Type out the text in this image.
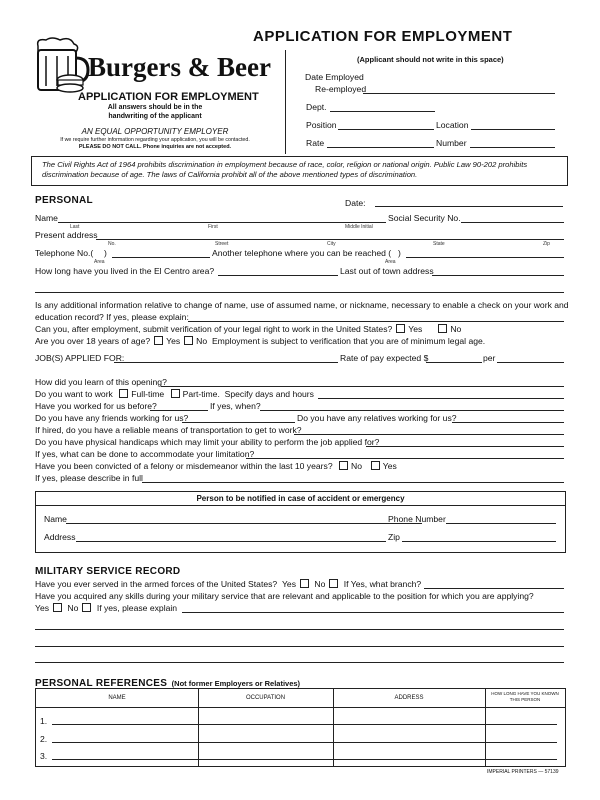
APPLICATION FOR EMPLOYMENT
Burgers & Beer
APPLICATION FOR EMPLOYMENT
All answers should be in the
handwriting of the applicant
AN EQUAL OPPORTUNITY EMPLOYER
If we require further information regarding your application, you will be contacted.
PLEASE DO NOT CALL. Phone inquiries are not accepted.
(Applicant should not write in this space)
Date Employed
Re-employed
Dept.
Position	Location
Rate	Number
The Civil Rights Act of 1964 prohibits discrimination in employment because of race, color, religion or national origin. Public Law 90-202 prohibits discrimination because of age. The laws of California prohibit all of the above mentioned types of discrimination.
PERSONAL	Date:
Name
Last	First	Middle Initial
Social Security No.
Present address
No.	Street	City	State	Zip
Telephone No.( )
Area
Another telephone where you can be reached ( )
Area
How long have you lived in the El Centro area?	Last out of town address
Is any additional information relative to change of name, use of assumed name, or nickname, necessary to enable a check on your work and
education record? If yes, please explain:
Can you, after employment, submit verification of your legal right to work in the United States? Yes	No
Are you over 18 years of age? Yes No Employment is subject to verification that you are of minimum legal age.
JOB(S) APPLIED FOR:	Rate of pay expected $	per
How did you learn of this opening?
Do you want to work Full-time Part-time. Specify days and hours
Have you worked for us before?	If yes, when?
Do you have any friends working for us?	Do you have any relatives working for us?
If hired, do you have a reliable means of transportation to get to work?
Do you have physical handicaps which may limit your ability to perform the job applied for?
If yes, what can be done to accommodate your limitation?
Have you been convicted of a felony or misdemeanor within the last 10 years? No Yes
If yes, please describe in full
Person to be notified in case of accident or emergency
Name	Phone Number
Address	Zip
MILITARY SERVICE RECORD
Have you ever served in the armed forces of the United States? Yes No If Yes, what branch?
Have you acquired any skills during your military service that are relevant and applicable to the position for which you are applying?
Yes No If yes, please explain
PERSONAL REFERENCES (Not former Employers or Relatives)
NAME	OCCUPATION	ADDRESS
HOW LONG HAVE YOU KNOWN THIS PERSON
1.
2.
3.
IMPERIAL PRINTERS — 57139
